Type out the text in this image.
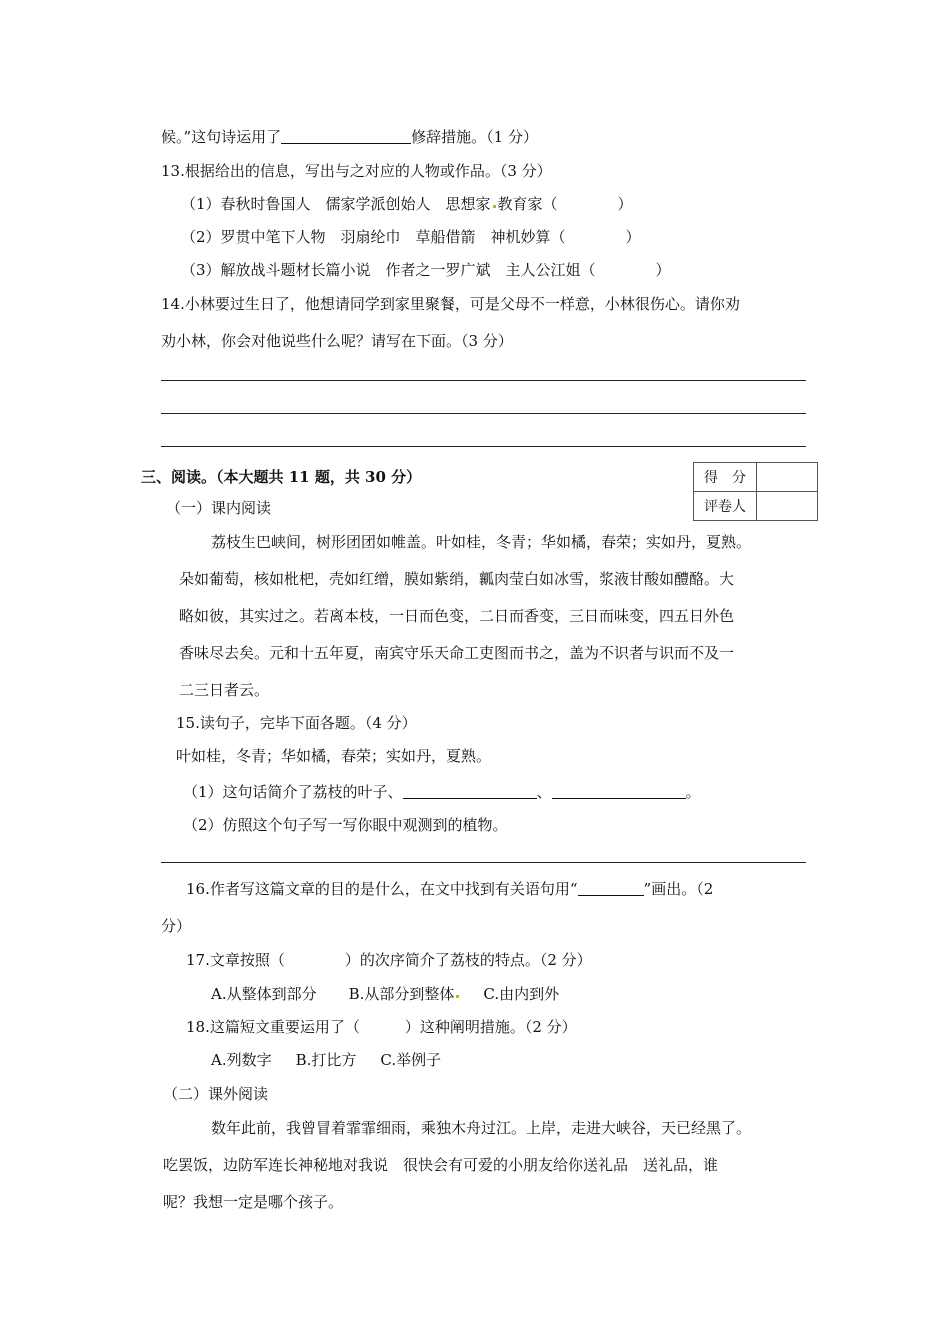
候。”这句诗运用了	修辞措施。（1 分）
13.根据给出的信息，写出与之对应的人物或作品。（3 分）
（1）春秋时鲁国人　儒家学派创始人　思想家 教育家（　　　　）
（2）罗贯中笔下人物　羽扇纶巾　草船借箭　神机妙算（　　　　）
（3）解放战斗题材长篇小说　作者之一罗广斌　主人公江姐（　　　　）
14.小林要过生日了，他想请同学到家里聚餐，可是父母不一样意，小林很伤心。请你劝
劝小林，你会对他说些什么呢？请写在下面。（3 分）
三、阅读。（本大题共 11 题，共 30 分）	得　分	
评卷人	
（一）课内阅读
荔枝生巴峡间，树形团团如帷盖。叶如桂，冬青；华如橘，春荣；实如丹，夏熟。
朵如葡萄，核如枇杷，壳如红缯，膜如紫绡，瓤肉莹白如冰雪，浆液甘酸如醴酪。大
略如彼，其实过之。若离本枝，一日而色变，二日而香变，三日而味变，四五日外色
香味尽去矣。元和十五年夏，南宾守乐天命工吏图而书之，盖为不识者与识而不及一
二三日者云。
15.读句子，完毕下面各题。（4 分）
叶如桂，冬青；华如橘，春荣；实如丹，夏熟。
（1）这句话简介了荔枝的叶子、	、	。
（2）仿照这个句子写一写你眼中观测到的植物。
16.作者写这篇文章的目的是什么，在文中找到有关语句用“	”画出。（2
分）
17.文章按照（　　　　）的次序简介了荔枝的特点。（2 分）
A.从整体到部分 B.从部分到整体 C.由内到外
18.这篇短文重要运用了（　　　）这种阐明措施。（2 分）
A.列数字 B.打比方 C.举例子
（二）课外阅读
数年此前，我曾冒着霏霏细雨，乘独木舟过江。上岸，走进大峡谷，天已经黑了。
吃罢饭，边防军连长神秘地对我说　很快会有可爱的小朋友给你送礼品　送礼品，谁
呢？我想一定是哪个孩子。
